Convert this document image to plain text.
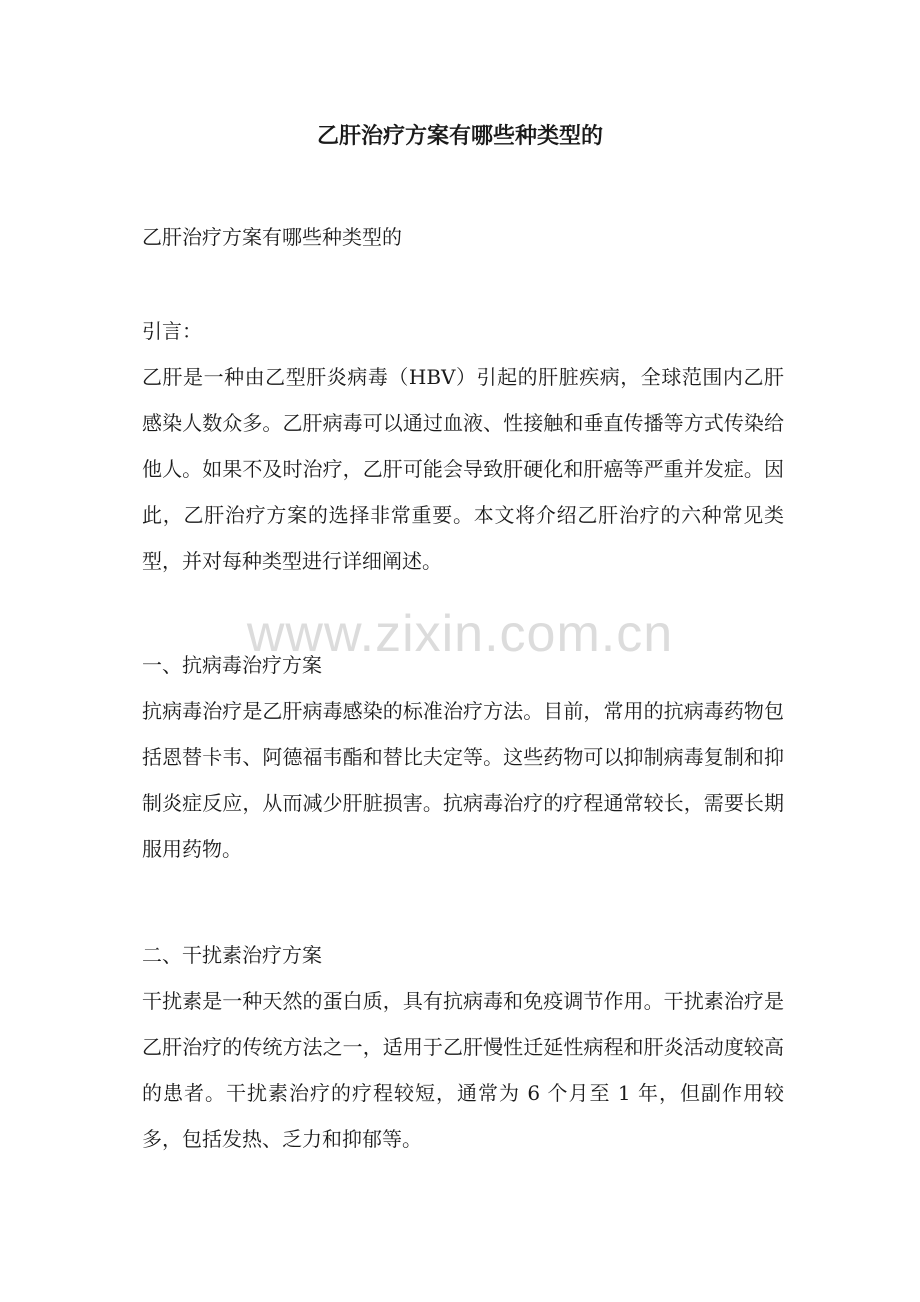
乙肝治疗方案有哪些种类型的

乙肝治疗方案有哪些种类型的

引言：

乙肝是一种由乙型肝炎病毒（HBV）引起的肝脏疾病，全球范围内乙肝感染人数众多。乙肝病毒可以通过血液、性接触和垂直传播等方式传染给他人。如果不及时治疗，乙肝可能会导致肝硬化和肝癌等严重并发症。因此，乙肝治疗方案的选择非常重要。本文将介绍乙肝治疗的六种常见类型，并对每种类型进行详细阐述。

www.zixin.com.cn

一、抗病毒治疗方案

抗病毒治疗是乙肝病毒感染的标准治疗方法。目前，常用的抗病毒药物包括恩替卡韦、阿德福韦酯和替比夫定等。这些药物可以抑制病毒复制和抑制炎症反应，从而减少肝脏损害。抗病毒治疗的疗程通常较长，需要长期服用药物。

二、干扰素治疗方案

干扰素是一种天然的蛋白质，具有抗病毒和免疫调节作用。干扰素治疗是乙肝治疗的传统方法之一，适用于乙肝慢性迁延性病程和肝炎活动度较高的患者。干扰素治疗的疗程较短，通常为 6 个月至 1 年，但副作用较多，包括发热、乏力和抑郁等。
